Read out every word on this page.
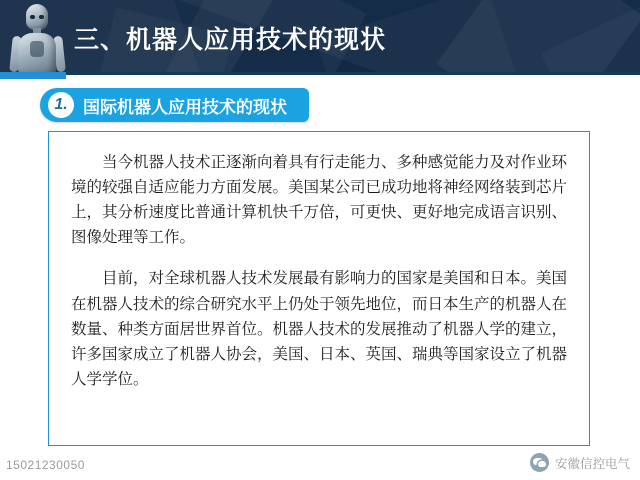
三、机器人应用技术的现状
1. 国际机器人应用技术的现状

当今机器人技术正逐渐向着具有行走能力、多种感觉能力及对作业环境的较强自适应能力方面发展。美国某公司已成功地将神经网络装到芯片上，其分析速度比普通计算机快千万倍，可更快、更好地完成语言识别、图像处理等工作。

目前，对全球机器人技术发展最有影响力的国家是美国和日本。美国在机器人技术的综合研究水平上仍处于领先地位，而日本生产的机器人在数量、种类方面居世界首位。机器人技术的发展推动了机器人学的建立，许多国家成立了机器人协会，美国、日本、英国、瑞典等国家设立了机器人学学位。

15021230050	安徽信控电气
